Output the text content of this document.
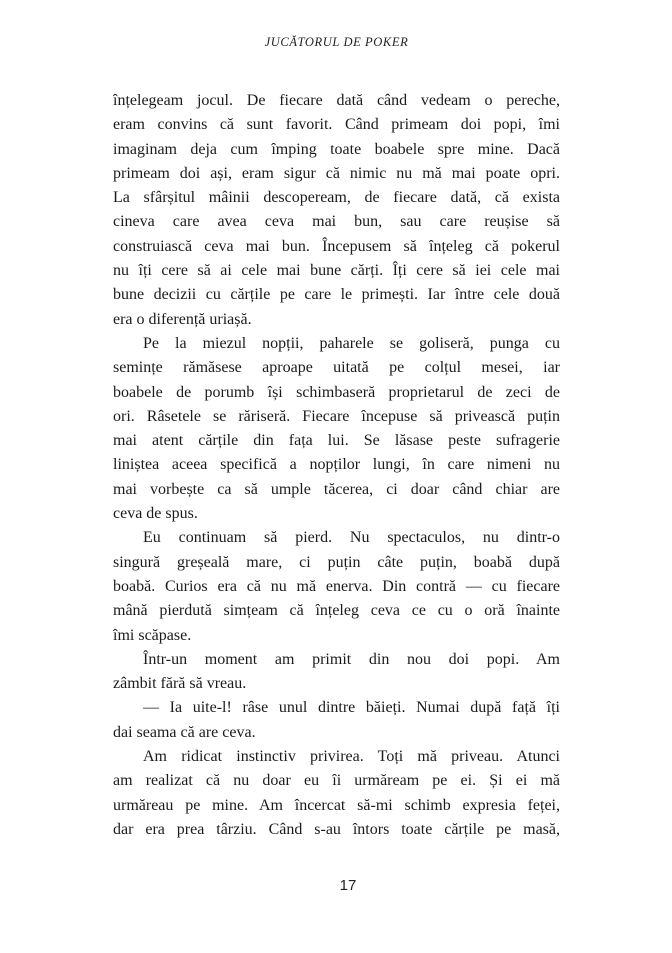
JUCĂTORUL DE POKER
înțelegeam jocul. De fiecare dată când vedeam o pereche,
eram convins că sunt favorit. Când primeam doi popi, îmi
imaginam deja cum împing toate boabele spre mine. Dacă
primeam doi ași, eram sigur că nimic nu mă mai poate opri.
La sfârșitul mâinii descopeream, de fiecare dată, că exista
cineva care avea ceva mai bun, sau care reușise să
construiască ceva mai bun. Începusem să înțeleg că pokerul
nu îți cere să ai cele mai bune cărți. Îți cere să iei cele mai
bune decizii cu cărțile pe care le primești. Iar între cele două
era o diferență uriașă.
Pe la miezul nopții, paharele se goliseră, punga cu
semințe rămăsese aproape uitată pe colțul mesei, iar
boabele de porumb își schimbaseră proprietarul de zeci de
ori. Râsetele se răriseră. Fiecare începuse să privească puțin
mai atent cărțile din fața lui. Se lăsase peste sufragerie
liniștea aceea specifică a nopților lungi, în care nimeni nu
mai vorbește ca să umple tăcerea, ci doar când chiar are
ceva de spus.
Eu continuam să pierd. Nu spectaculos, nu dintr-o
singură greșeală mare, ci puțin câte puțin, boabă după
boabă. Curios era că nu mă enerva. Din contră — cu fiecare
mână pierdută simțeam că înțeleg ceva ce cu o oră înainte
îmi scăpase.
Într-un moment am primit din nou doi popi. Am
zâmbit fără să vreau.
— Ia uite-l! râse unul dintre băieți. Numai după față îți
dai seama că are ceva.
Am ridicat instinctiv privirea. Toți mă priveau. Atunci
am realizat că nu doar eu îi urmăream pe ei. Și ei mă
urmăreau pe mine. Am încercat să-mi schimb expresia feței,
dar era prea târziu. Când s-au întors toate cărțile pe masă,
17
